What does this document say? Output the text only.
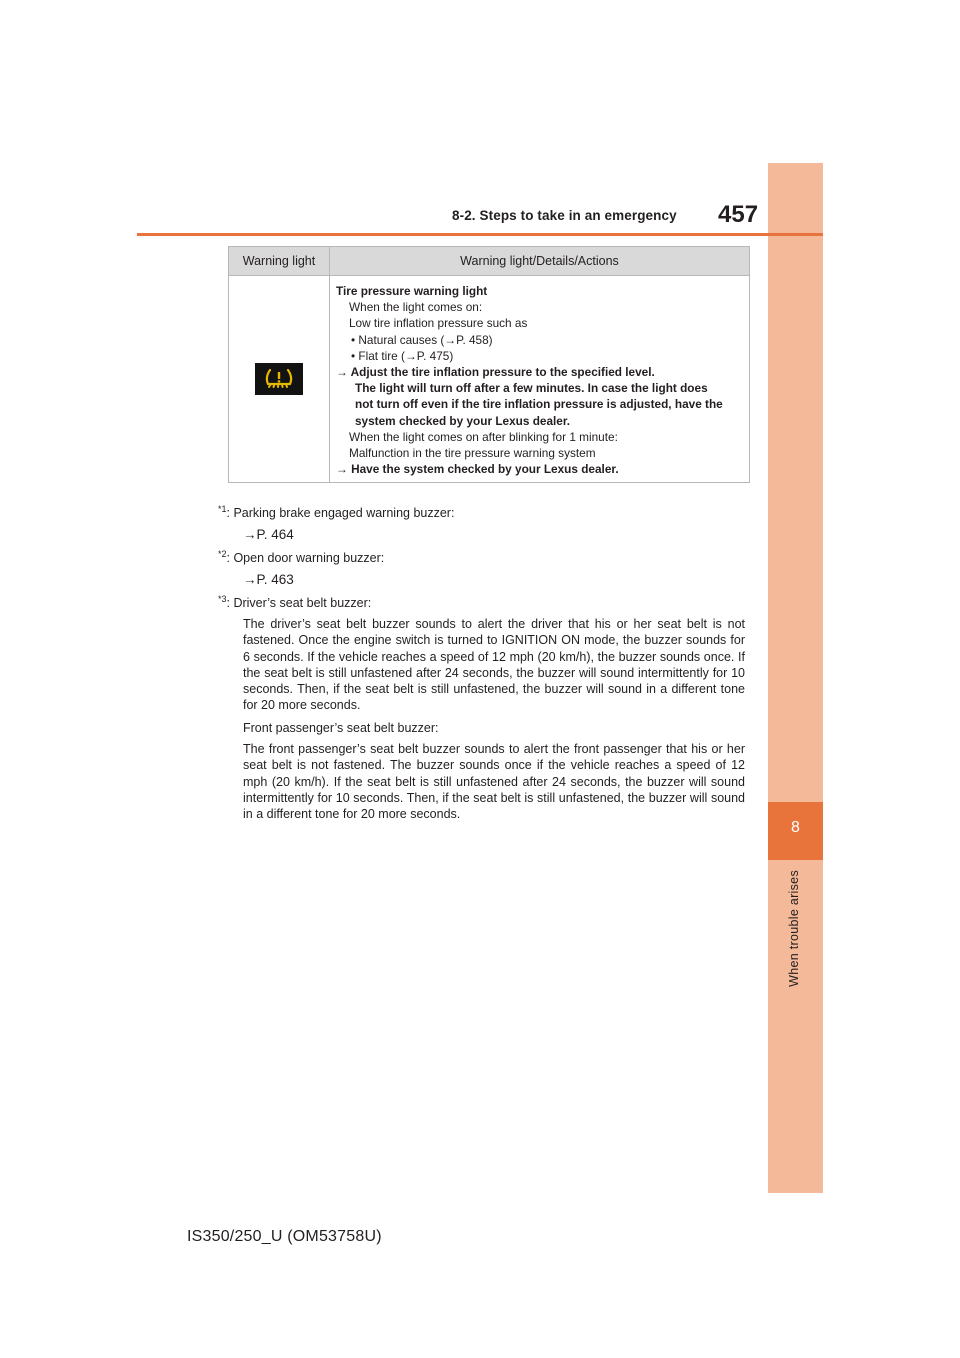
8
When trouble arises
8-2. Steps to take in an emergency 457
Warning light	Warning light/Details/Actions
Tire pressure warning light
When the light comes on:
Low tire inflation pressure such as
• Natural causes (→P. 458)
• Flat tire (→P. 475)
→ Adjust the tire inflation pressure to the specified level.
The light will turn off after a few minutes. In case the light does
not turn off even if the tire inflation pressure is adjusted, have the
system checked by your Lexus dealer.
When the light comes on after blinking for 1 minute:
Malfunction in the tire pressure warning system
→ Have the system checked by your Lexus dealer.
$^{*1}$: Parking brake engaged warning buzzer:
→P. 464
$^{*2}$: Open door warning buzzer:
→P. 463
$^{*3}$: Driver’s seat belt buzzer:

The driver’s seat belt buzzer sounds to alert the driver that his or her seat belt is not fastened. Once the engine switch is turned to IGNITION ON mode, the buzzer sounds for 6 seconds. If the vehicle reaches a speed of 12 mph (20 km/h), the buzzer sounds once. If the seat belt is still unfastened after 24 seconds, the buzzer will sound intermittently for 10 seconds. Then, if the seat belt is still unfastened, the buzzer will sound in a different tone for 20 more seconds.

Front passenger’s seat belt buzzer:

The front passenger’s seat belt buzzer sounds to alert the front passenger that his or her seat belt is not fastened. The buzzer sounds once if the vehicle reaches a speed of 12 mph (20 km/h). If the seat belt is still unfastened after 24 seconds, the buzzer will sound intermittently for 10 seconds. Then, if the seat belt is still unfastened, the buzzer will sound in a different tone for 20 more seconds.

IS350/250_U (OM53758U)
